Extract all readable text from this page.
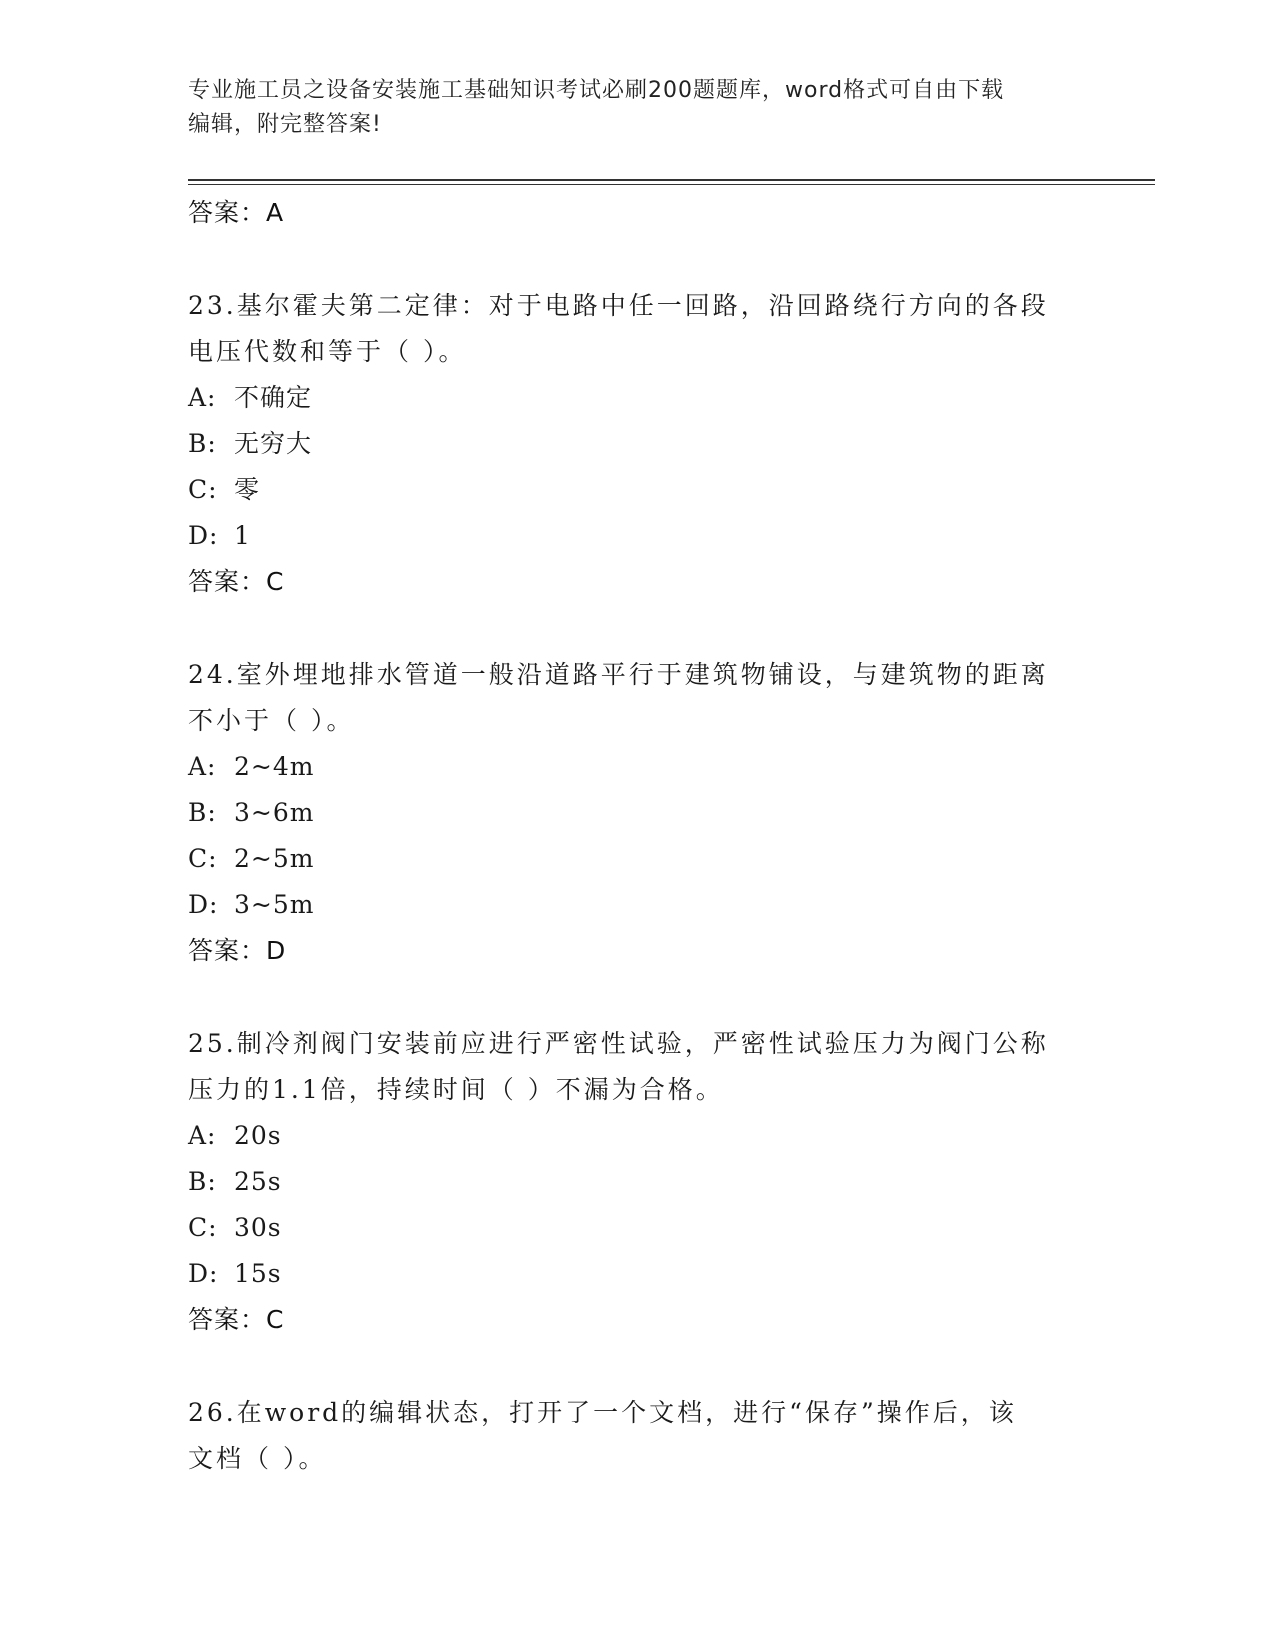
专业施工员之设备安装施工基础知识考试必刷200题题库，word格式可自由下载
编辑，附完整答案!
答案：A
23.基尔霍夫第二定律：对于电路中任一回路，沿回路绕行方向的各段
电压代数和等于（ ）。
A: 不确定
B: 无穷大
C: 零
D: 1
答案：C
24.室外埋地排水管道一般沿道路平行于建筑物铺设，与建筑物的距离
不小于（ ）。
A: 2~4m
B: 3~6m
C: 2~5m
D: 3~5m
答案：D
25.制冷剂阀门安装前应进行严密性试验，严密性试验压力为阀门公称
压力的1.1倍，持续时间（ ）不漏为合格。
A: 20s
B: 25s
C: 30s
D: 15s
答案：C
26.在word的编辑状态，打开了一个文档，进行“保存”操作后，该
文档（ ）。
